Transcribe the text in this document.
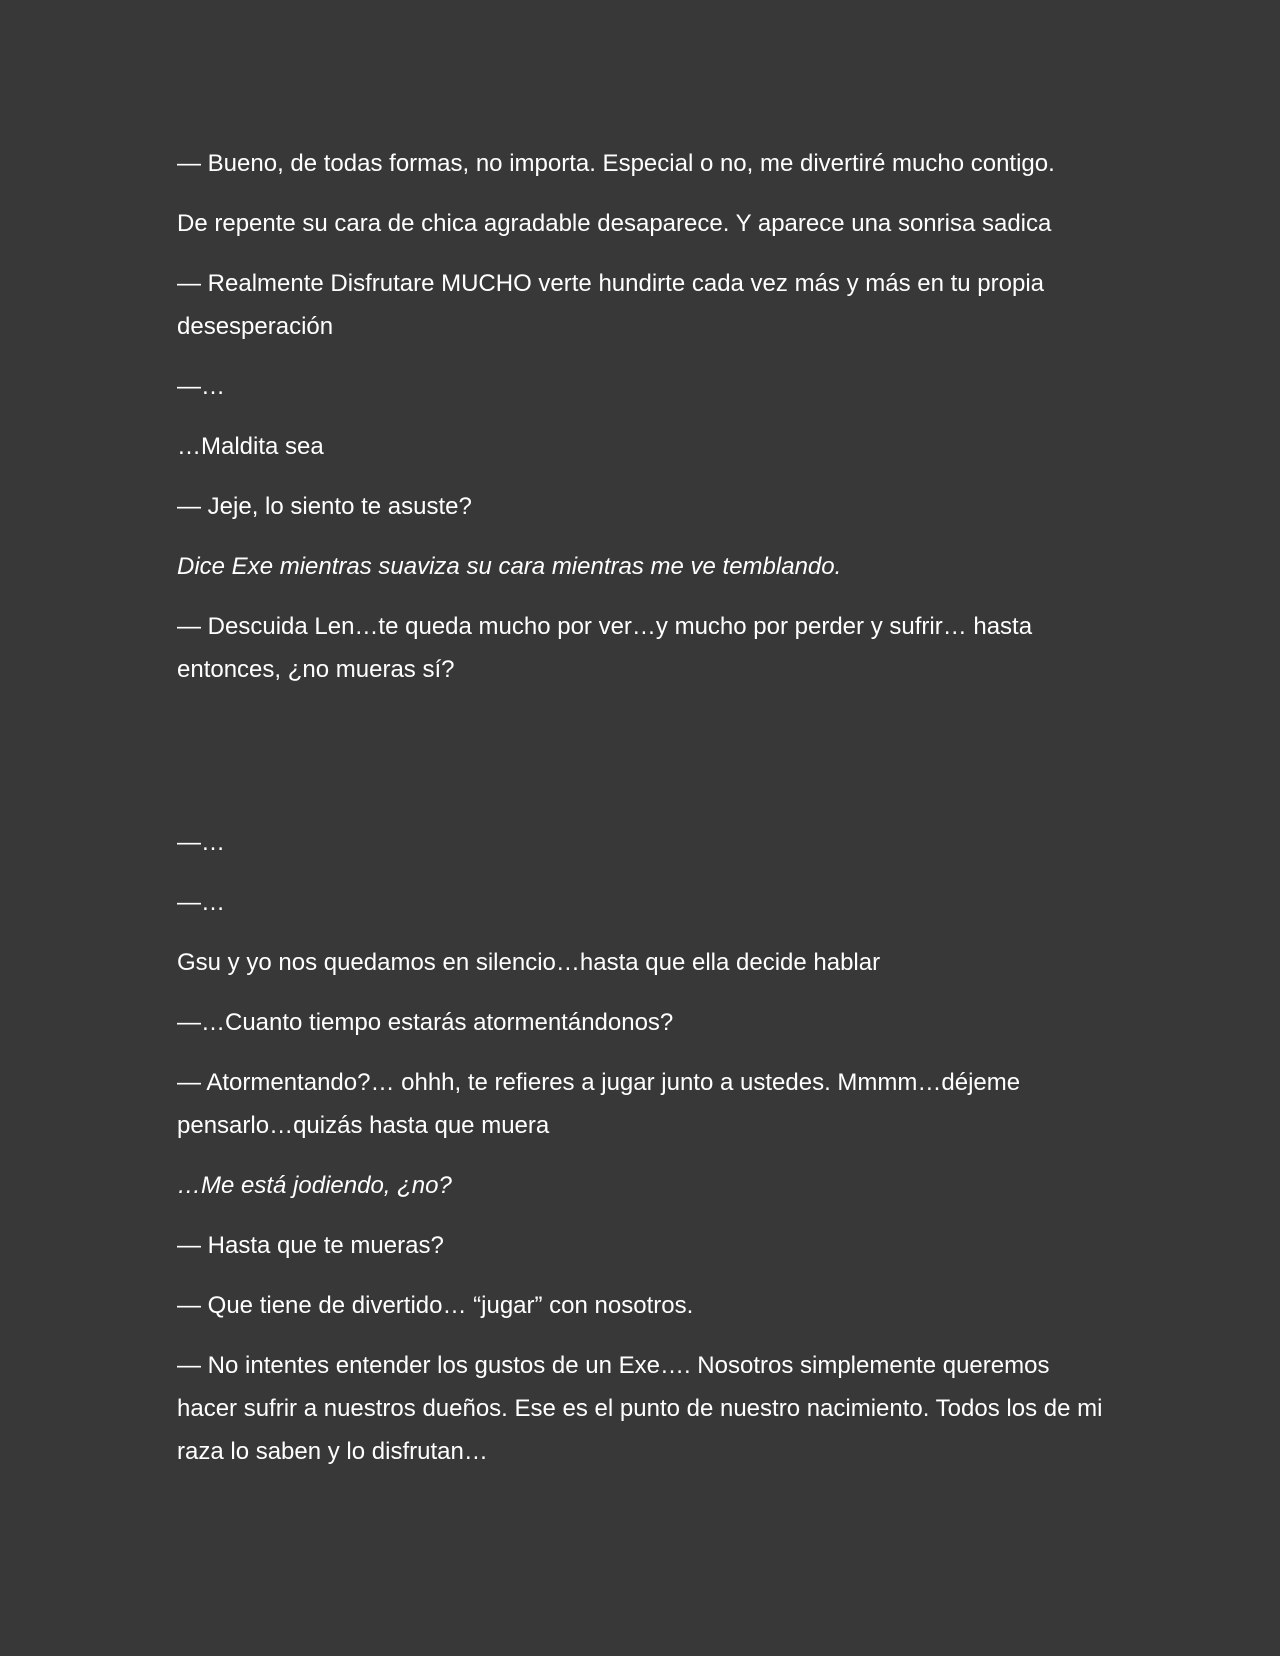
— Bueno, de todas formas, no importa. Especial o no, me divertiré mucho contigo.

De repente su cara de chica agradable desaparece. Y aparece una sonrisa sadica

— Realmente Disfrutare MUCHO verte hundirte cada vez más y más en tu propia desesperación

—…

…Maldita sea

— Jeje, lo siento te asuste?

Dice Exe mientras suaviza su cara mientras me ve temblando.

— Descuida Len…te queda mucho por ver…y mucho por perder y sufrir… hasta entonces, ¿no mueras sí?

—…

—…

Gsu y yo nos quedamos en silencio…hasta que ella decide hablar

—…Cuanto tiempo estarás atormentándonos?

— Atormentando?… ohhh, te refieres a jugar junto a ustedes. Mmmm…déjeme pensarlo…quizás hasta que muera

…Me está jodiendo, ¿no?

— Hasta que te mueras?

— Que tiene de divertido… “jugar” con nosotros.

— No intentes entender los gustos de un Exe…. Nosotros simplemente queremos hacer sufrir a nuestros dueños. Ese es el punto de nuestro nacimiento. Todos los de mi raza lo saben y lo disfrutan…
